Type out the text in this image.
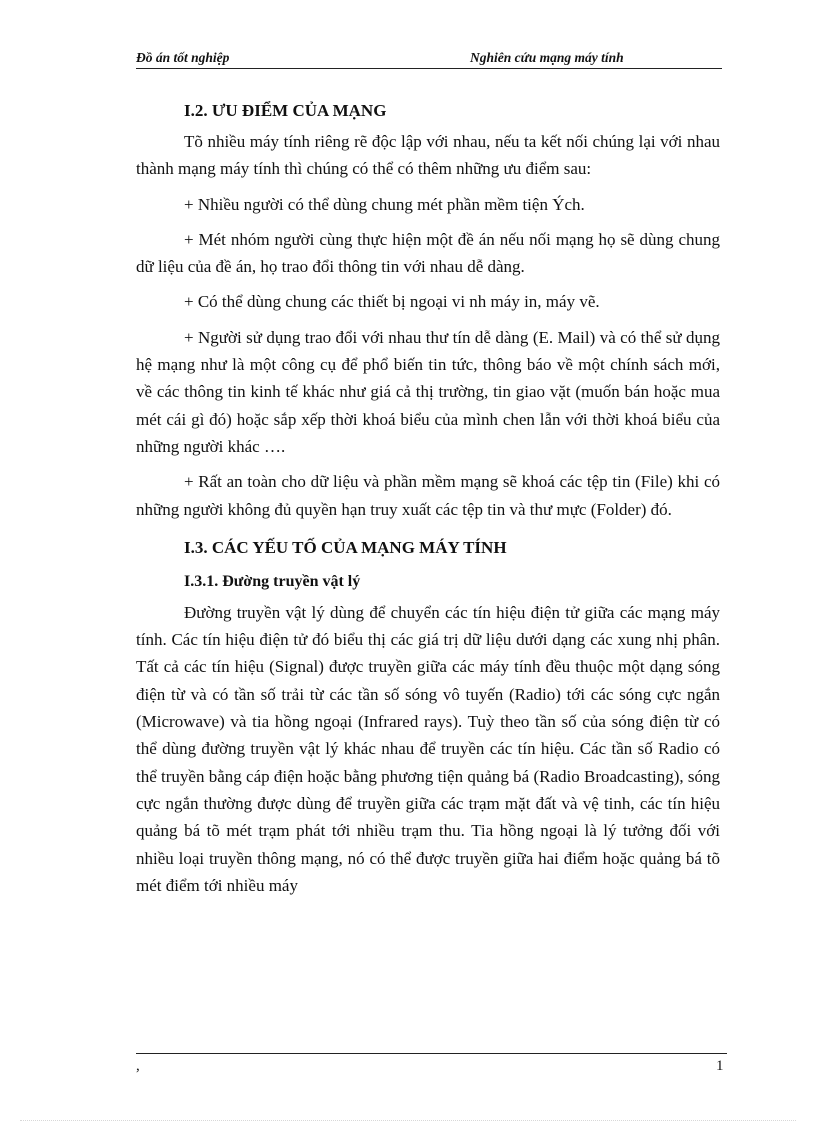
Đồ án tốt nghiệp	Nghiên cứu mạng máy tính
I.2. ƯU ĐIỂM CỦA MẠNG

Tõ nhiều máy tính riêng rẽ độc lập với nhau, nếu ta kết nối chúng lại với nhau thành mạng máy tính thì chúng có thể có thêm những ưu điểm sau:

+ Nhiều người có thể dùng chung mét phần mềm tiện Ých.

+ Mét nhóm người cùng thực hiện một đề án nếu nối mạng họ sẽ dùng chung dữ liệu của đề án, họ trao đổi thông tin với nhau dễ dàng.

+ Có thể dùng chung các thiết bị ngoại vi nh máy in, máy vẽ.

+ Người sử dụng trao đổi với nhau thư tín dễ dàng (E. Mail) và có thể sử dụng hệ mạng như là một công cụ để phổ biến tin tức, thông báo về một chính sách mới, về các thông tin kinh tế khác như giá cả thị trường, tin giao vặt (muốn bán hoặc mua mét cái gì đó) hoặc sắp xếp thời khoá biểu của mình chen lẫn với thời khoá biểu của những người khác ….

+ Rất an toàn cho dữ liệu và phần mềm mạng sẽ khoá các tệp tin (File) khi có những người không đủ quyền hạn truy xuất các tệp tin và thư mực (Folder) đó.

I.3. CÁC YẾU TỐ CỦA MẠNG MÁY TÍNH
I.3.1. Đường truyền vật lý

Đường truyền vật lý dùng để chuyển các tín hiệu điện tử giữa các mạng máy tính. Các tín hiệu điện tử đó biểu thị các giá trị dữ liệu dưới dạng các xung nhị phân. Tất cả các tín hiệu (Signal) được truyền giữa các máy tính đều thuộc một dạng sóng điện từ và có tần số trải từ các tần số sóng vô tuyến (Radio) tới các sóng cực ngắn (Microwave) và tia hồng ngoại (Infrared rays). Tuỳ theo tần số của sóng điện từ có thể dùng đường truyền vật lý khác nhau để truyền các tín hiệu. Các tần số Radio có thể truyền bằng cáp điện hoặc bằng phương tiện quảng bá (Radio Broadcasting), sóng cực ngắn thường được dùng để truyền giữa các trạm mặt đất và vệ tinh, các tín hiệu quảng bá tõ mét trạm phát tới nhiều trạm thu. Tia hồng ngoại là lý tưởng đối với nhiều loại truyền thông mạng, nó có thể được truyền giữa hai điểm hoặc quảng bá tõ mét điểm tới nhiều máy

,	1
